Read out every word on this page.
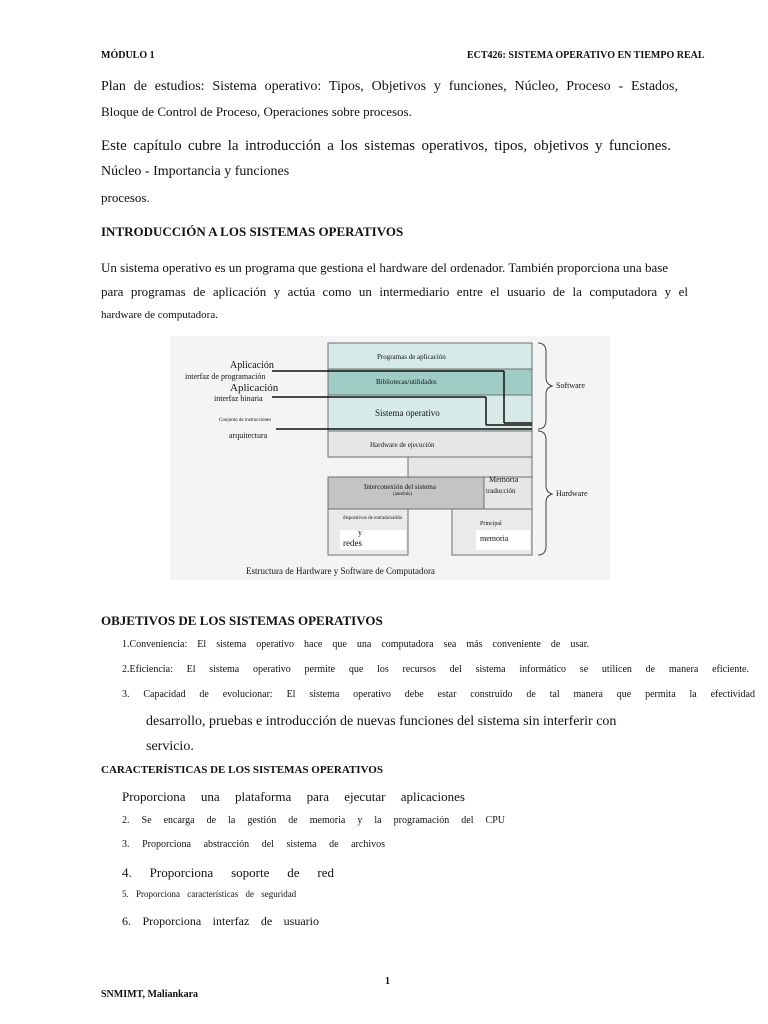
MÓDULO 1	ECT426: SISTEMA OPERATIVO EN TIEMPO REAL
Plan de estudios: Sistema operativo: Tipos, Objetivos y funciones, Núcleo, Proceso - Estados,
Bloque de Control de Proceso, Operaciones sobre procesos.
Este capítulo cubre la introducción a los sistemas operativos, tipos, objetivos y funciones.
Núcleo - Importancia y funciones
procesos.
INTRODUCCIÓN A LOS SISTEMAS OPERATIVOS
Un sistema operativo es un programa que gestiona el hardware del ordenador. También proporciona una base
para programas de aplicación y actúa como un intermediario entre el usuario de la computadora y el
hardware de computadora.
Aplicación
interfaz de programación
Aplicación
interfaz binaria
Conjunto de instrucciones
arquitectura
Programas de aplicación
Bibliotecas/utilidades
Sistema operativo
Hardware de ejecución
Memoria
traducción
Interconexión del sistema
(autobús)
dispositivos de entrada/salida
y
redes
Principal
memoria
Software
Hardware
Estructura de Hardware y Software de Computadora
OBJETIVOS DE LOS SISTEMAS OPERATIVOS
1.Conveniencia: El sistema operativo hace que una computadora sea más conveniente de usar.
2.Eficiencia: El sistema operativo permite que los recursos del sistema informático se utilicen de manera eficiente.
3. Capacidad de evolucionar: El sistema operativo debe estar construido de tal manera que permita la efectividad
desarrollo, pruebas e introducción de nuevas funciones del sistema sin interferir con
servicio.
CARACTERÍSTICAS DE LOS SISTEMAS OPERATIVOS
Proporciona una plataforma para ejecutar aplicaciones
2. Se encarga de la gestión de memoria y la programación del CPU
3. Proporciona abstracción del sistema de archivos
4. Proporciona soporte de red
5. Proporciona características de seguridad
6. Proporciona interfaz de usuario
1
SNMIMT, Maliankara
